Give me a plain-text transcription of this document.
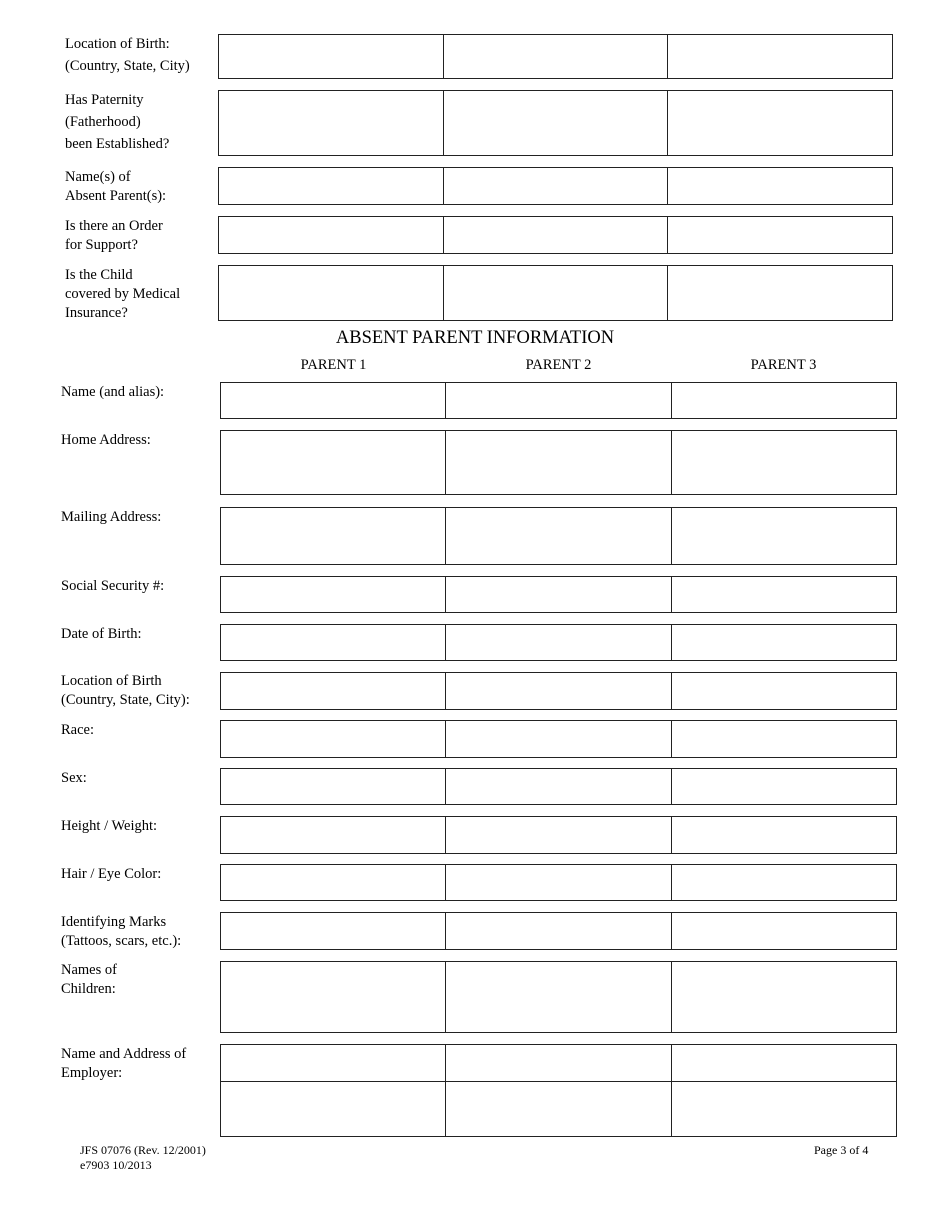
Location of Birth:
(Country, State, City)
Has Paternity
(Fatherhood)
been Established?
Name(s) of
Absent Parent(s):
Is there an Order
for Support?
Is the Child
covered by Medical
Insurance?
ABSENT PARENT INFORMATION
PARENT 1	PARENT 2	PARENT 3
Name (and alias):
Home Address:
Mailing Address:
Social Security #:
Date of Birth:
Location of Birth
(Country, State, City):
Race:
Sex:
Height / Weight:
Hair / Eye Color:
Identifying Marks
(Tattoos, scars, etc.):
Names of
Children:
Name and Address of
Employer:
JFS 07076 (Rev. 12/2001)
e7903 10/2013
Page 3 of 4
